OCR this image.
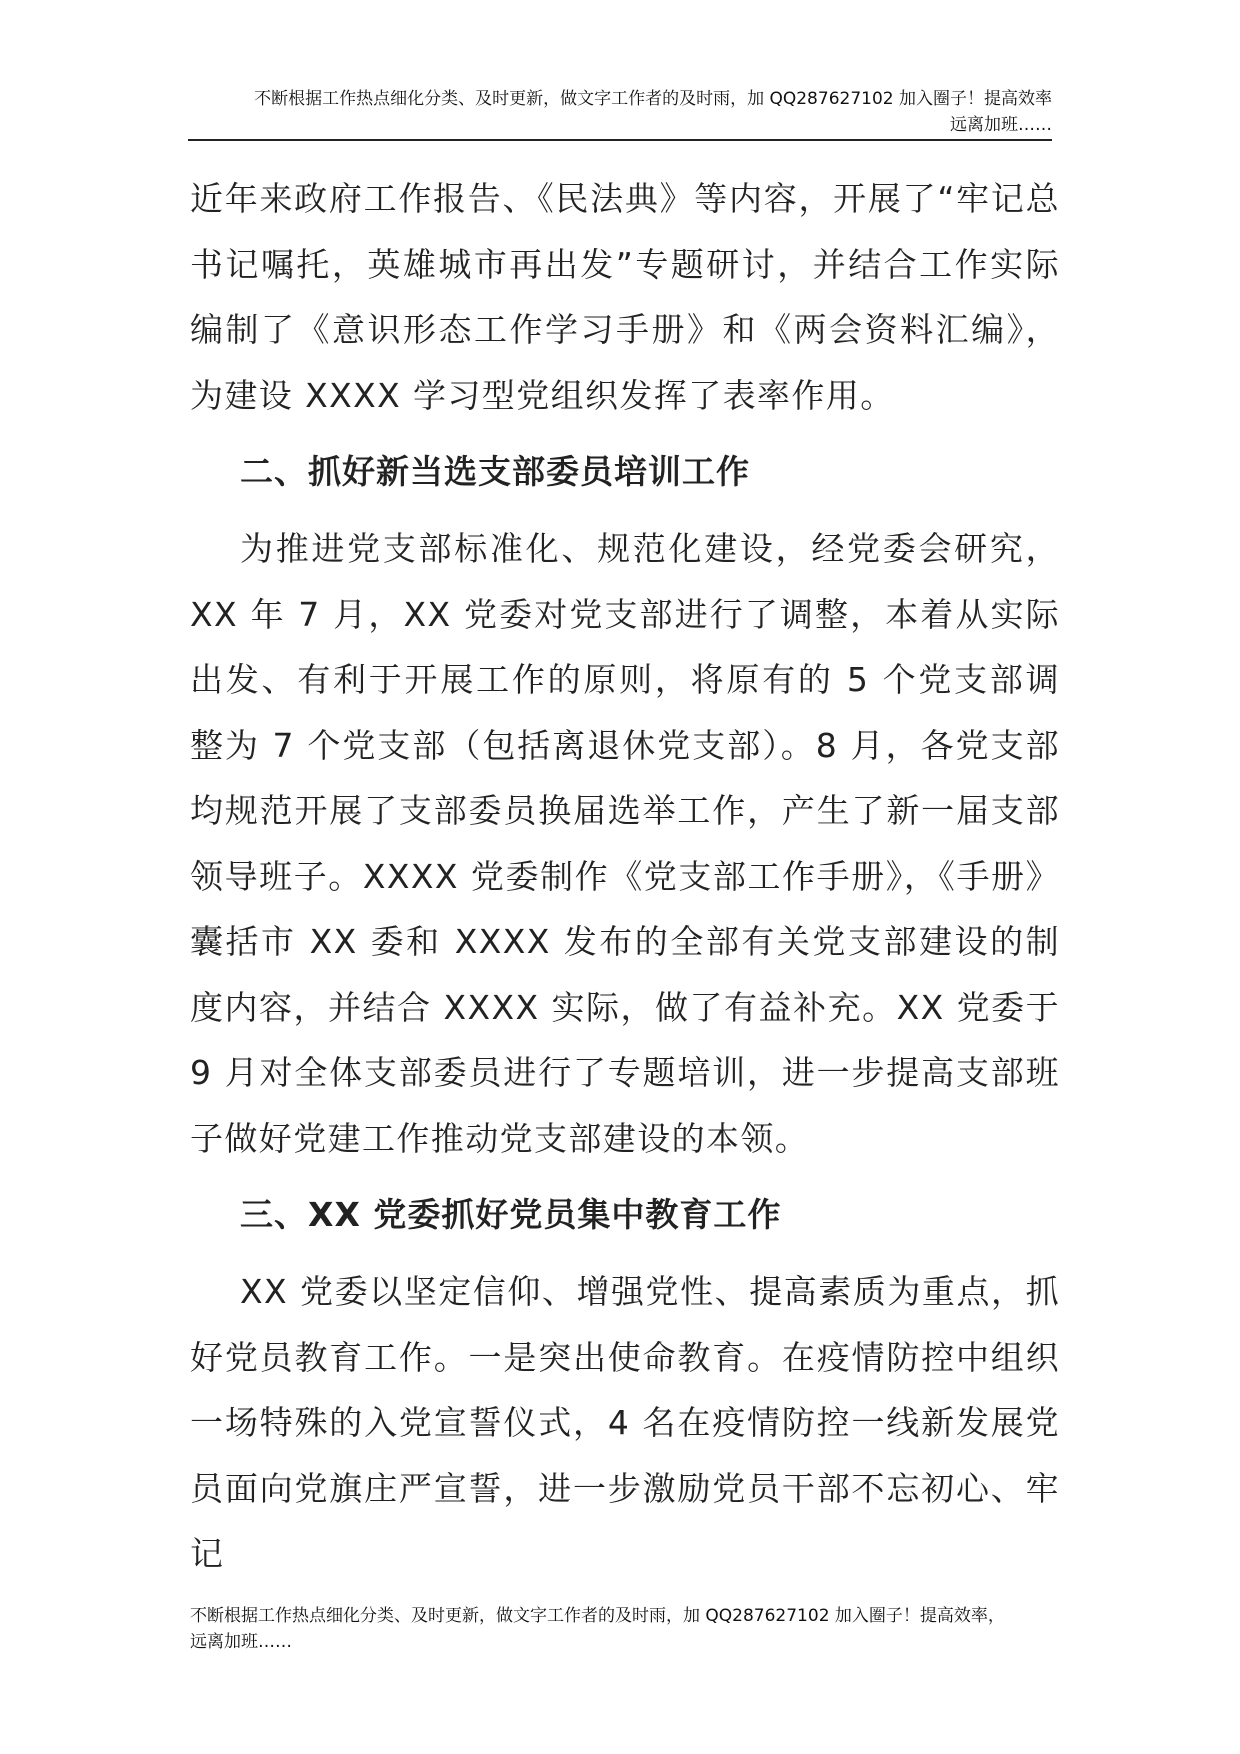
不断根据工作热点细化分类、及时更新，做文字工作者的及时雨，加 QQ287627102 加入圈子！提高效率
远离加班……

近年来政府工作报告、《民法典》等内容，开展了“牢记总书记嘱托，英雄城市再出发”专题研讨，并结合工作实际编制了《意识形态工作学习手册》和《两会资料汇编》，为建设 XXXX 学习型党组织发挥了表率作用。

二、抓好新当选支部委员培训工作

为推进党支部标准化、规范化建设，经党委会研究，XX 年 7 月，XX 党委对党支部进行了调整，本着从实际出发、有利于开展工作的原则，将原有的 5 个党支部调整为 7 个党支部（包括离退休党支部）。8 月，各党支部均规范开展了支部委员换届选举工作，产生了新一届支部领导班子。XXXX 党委制作《党支部工作手册》，《手册》囊括市 XX 委和 XXXX 发布的全部有关党支部建设的制度内容，并结合 XXXX 实际，做了有益补充。XX 党委于 9 月对全体支部委员进行了专题培训，进一步提高支部班子做好党建工作推动党支部建设的本领。

三、XX 党委抓好党员集中教育工作

XX 党委以坚定信仰、增强党性、提高素质为重点，抓好党员教育工作。一是突出使命教育。在疫情防控中组织一场特殊的入党宣誓仪式，4 名在疫情防控一线新发展党员面向党旗庄严宣誓，进一步激励党员干部不忘初心、牢记

不断根据工作热点细化分类、及时更新，做文字工作者的及时雨，加 QQ287627102 加入圈子！提高效率，
远离加班……
